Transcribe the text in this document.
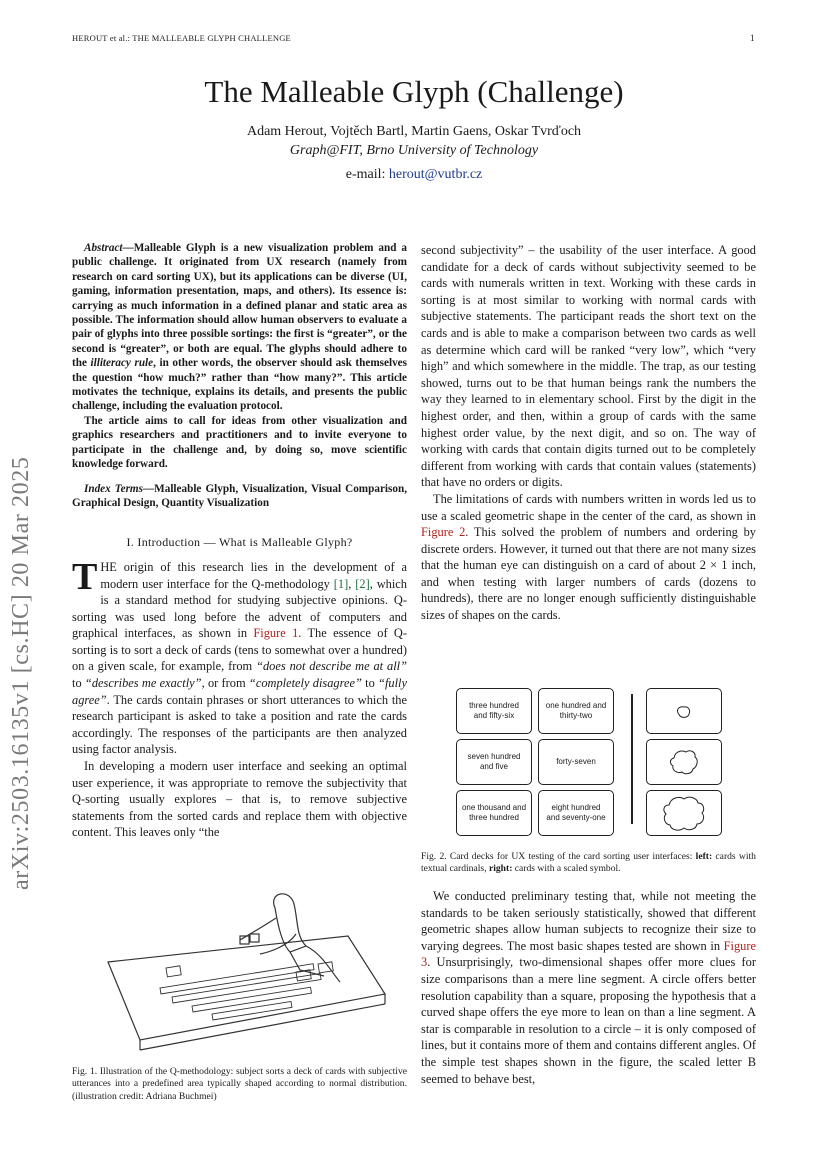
HEROUT et al.: THE MALLEABLE GLYPH CHALLENGE	1
The Malleable Glyph (Challenge)
Adam Herout, Vojtěch Bartl, Martin Gaens, Oskar Tvrďoch
Graph@FIT, Brno University of Technology
e-mail: herout@vutbr.cz
arXiv:2503.16135v1 [cs.HC] 20 Mar 2025

Abstract—Malleable Glyph is a new visualization problem and a public challenge. It originated from UX research (namely from research on card sorting UX), but its applications can be diverse (UI, gaming, information presentation, maps, and others). Its essence is: carrying as much information in a defined planar and static area as possible. The information should allow human observers to evaluate a pair of glyphs into three possible sortings: the first is “greater”, or the second is “greater”, or both are equal. The glyphs should adhere to the illiteracy rule, in other words, the observer should ask themselves the question “how much?” rather than “how many?”. This article motivates the technique, explains its details, and presents the public challenge, including the evaluation protocol.

The article aims to call for ideas from other visualization and graphics researchers and practitioners and to invite everyone to participate in the challenge and, by doing so, move scientific knowledge forward.

Index Terms—Malleable Glyph, Visualization, Visual Comparison, Graphical Design, Quantity Visualization

I. Introduction — What is Malleable Glyph?

THE origin of this research lies in the development of a modern user interface for the Q-methodology [1], [2], which is a standard method for studying subjective opinions. Q-sorting was used long before the advent of computers and graphical interfaces, as shown in Figure 1. The essence of Q-sorting is to sort a deck of cards (tens to somewhat over a hundred) on a given scale, for example, from “does not describe me at all” to “describes me exactly”, or from “completely disagree” to “fully agree”. The cards contain phrases or short utterances to which the research participant is asked to take a position and rate the cards accordingly. The responses of the participants are then analyzed using factor analysis.

In developing a modern user interface and seeking an optimal user experience, it was appropriate to remove the subjectivity that Q-sorting usually explores – that is, to remove subjective statements from the sorted cards and replace them with objective content. This leaves only “the

Fig. 1. Illustration of the Q-methodology: subject sorts a deck of cards with subjective utterances into a predefined area typically shaped according to normal distribution. (illustration credit: Adriana Buchmei)

second subjectivity” – the usability of the user interface. A good candidate for a deck of cards without subjectivity seemed to be cards with numerals written in text. Working with these cards in sorting is at most similar to working with normal cards with subjective statements. The participant reads the short text on the cards and is able to make a comparison between two cards as well as determine which card will be ranked “very low”, which “very high” and which somewhere in the middle. The trap, as our testing showed, turns out to be that human beings rank the numbers the way they learned to in elementary school. First by the digit in the highest order, and then, within a group of cards with the same highest order value, by the next digit, and so on. The way of working with cards that contain digits turned out to be completely different from working with cards that contain values (statements) that have no orders or digits.

The limitations of cards with numbers written in words led us to use a scaled geometric shape in the center of the card, as shown in Figure 2. This solved the problem of numbers and ordering by discrete orders. However, it turned out that there are not many sizes that the human eye can distinguish on a card of about 2 × 1 inch, and when testing with larger numbers of cards (dozens to hundreds), there are no longer enough sufficiently distinguishable sizes of shapes on the cards.

three hundred
and fifty-six
one hundred and
thirty-two
seven hundred
and five
forty-seven
one thousand and
three hundred
eight hundred
and seventy-one
Fig. 2. Card decks for UX testing of the card sorting user interfaces: left: cards with textual cardinals, right: cards with a scaled symbol.

We conducted preliminary testing that, while not meeting the standards to be taken seriously statistically, showed that different geometric shapes allow human subjects to recognize their size to varying degrees. The most basic shapes tested are shown in Figure 3. Unsurprisingly, two-dimensional shapes offer more clues for size comparisons than a mere line segment. A circle offers better resolution capability than a square, proposing the hypothesis that a curved shape offers the eye more to lean on than a line segment. A star is comparable in resolution to a circle – it is only composed of lines, but it contains more of them and contains different angles. Of the simple test shapes shown in the figure, the scaled letter B seemed to behave best,
